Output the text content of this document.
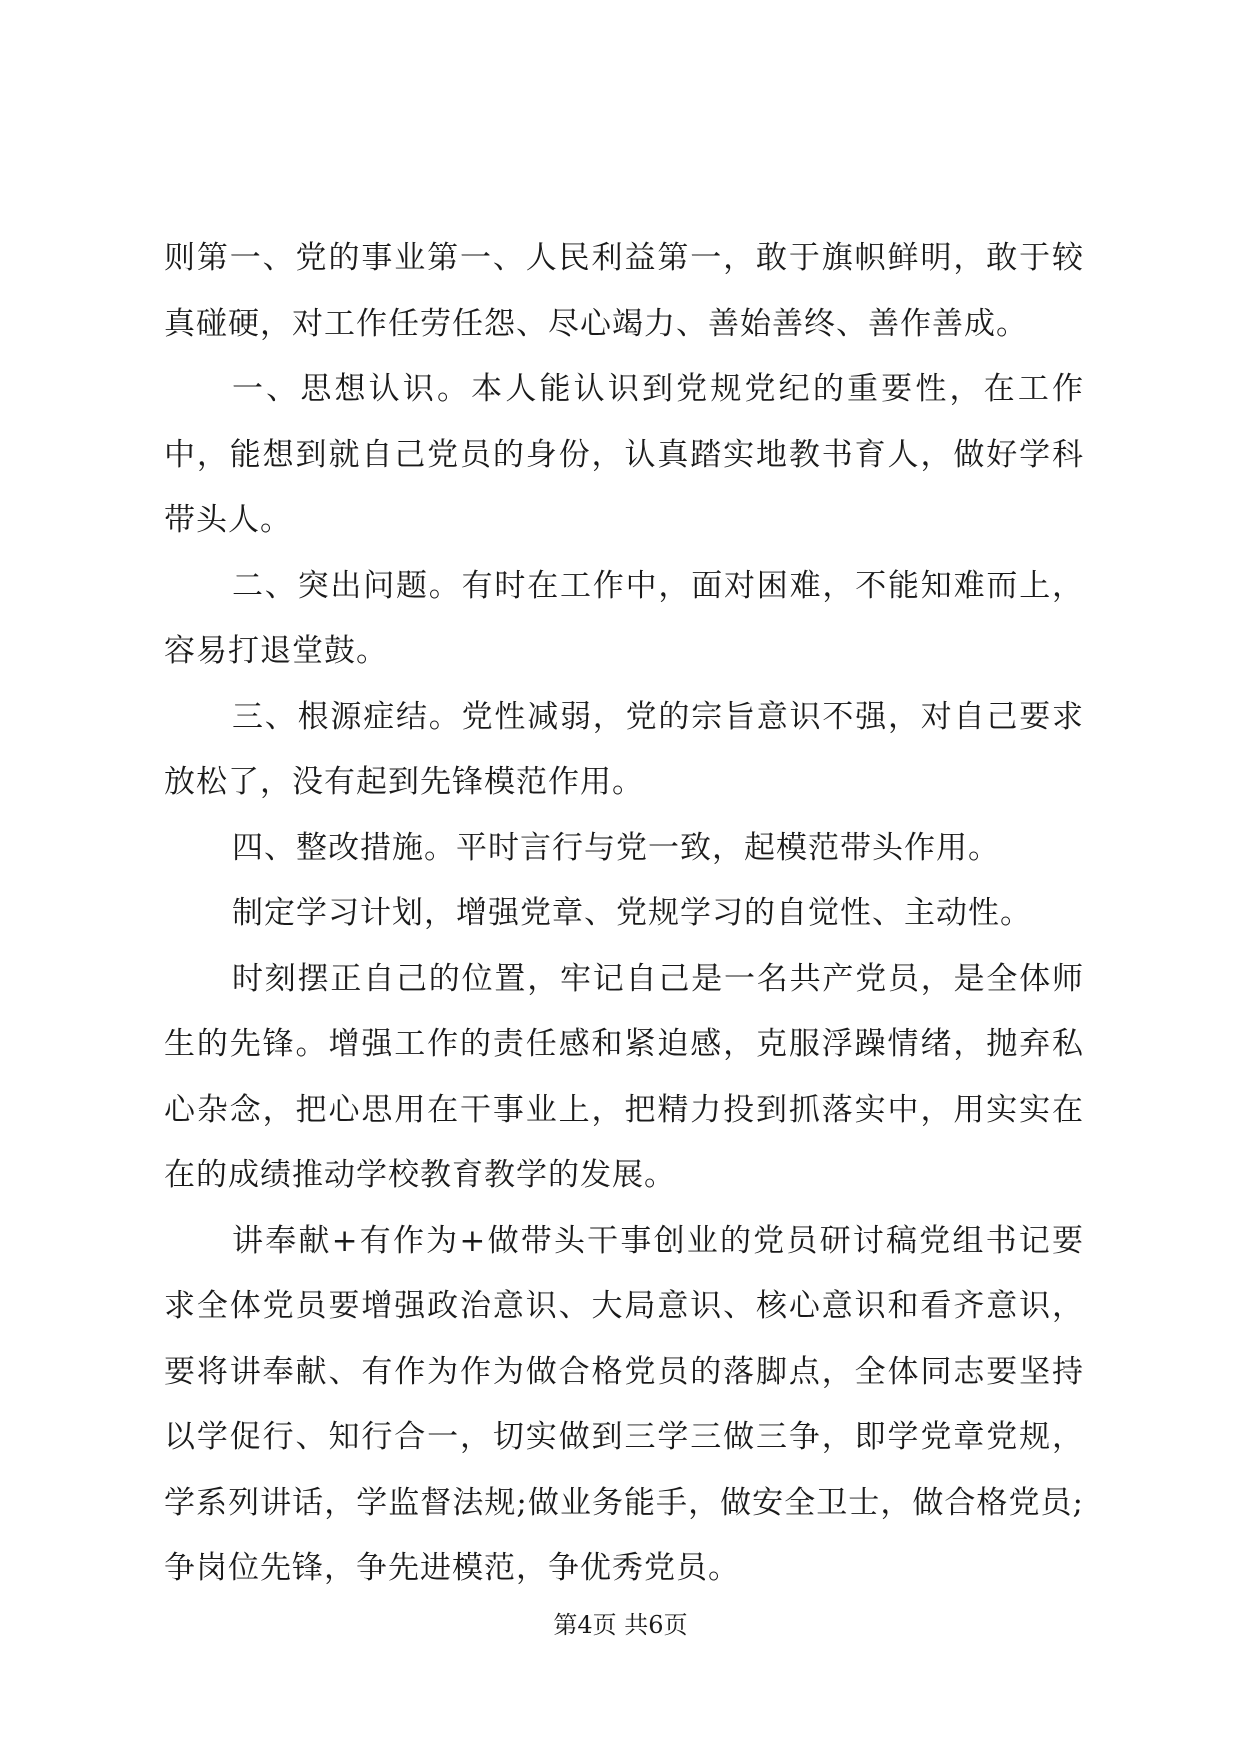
则第一、党的事业第一、人民利益第一，敢于旗帜鲜明，敢于较真碰硬，对工作任劳任怨、尽心竭力、善始善终、善作善成。

一、思想认识。本人能认识到党规党纪的重要性，在工作中，能想到就自己党员的身份，认真踏实地教书育人，做好学科带头人。

二、突出问题。有时在工作中，面对困难，不能知难而上，容易打退堂鼓。

三、根源症结。党性减弱，党的宗旨意识不强，对自己要求放松了，没有起到先锋模范作用。

四、整改措施。平时言行与党一致，起模范带头作用。

制定学习计划，增强党章、党规学习的自觉性、主动性。

时刻摆正自己的位置，牢记自己是一名共产党员，是全体师生的先锋。增强工作的责任感和紧迫感，克服浮躁情绪，抛弃私心杂念，把心思用在干事业上，把精力投到抓落实中，用实实在在的成绩推动学校教育教学的发展。

讲奉献+有作为+做带头干事创业的党员研讨稿党组书记要求全体党员要增强政治意识、大局意识、核心意识和看齐意识，要将讲奉献、有作为作为做合格党员的落脚点，全体同志要坚持以学促行、知行合一，切实做到三学三做三争，即学党章党规，学系列讲话，学监督法规;做业务能手，做安全卫士，做合格党员;争岗位先锋，争先进模范，争优秀党员。

第4页 共6页
